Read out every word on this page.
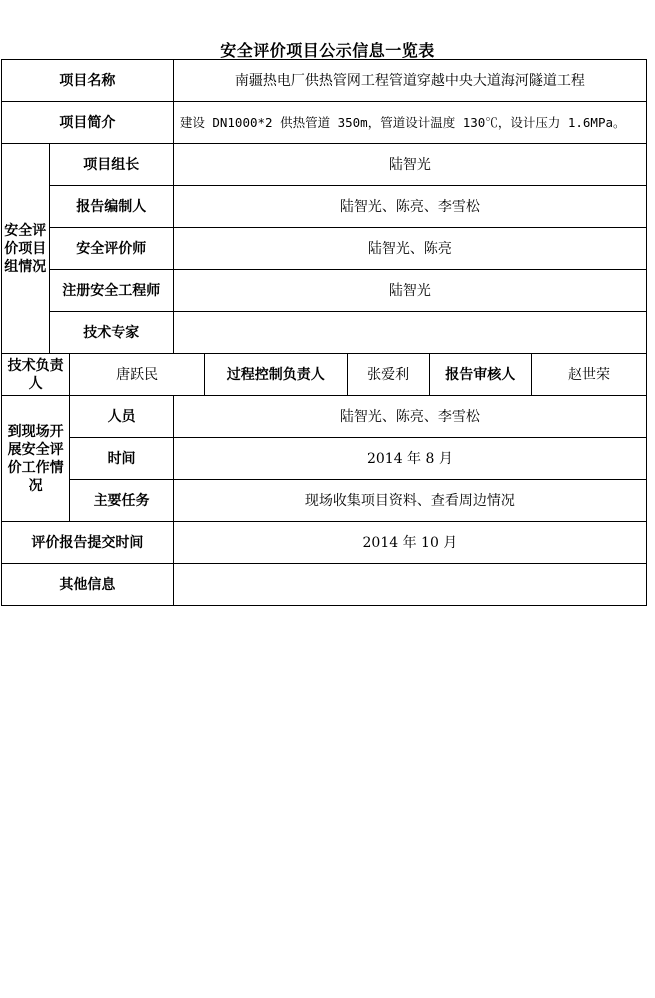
安全评价项目公示信息一览表
项目名称			南疆热电厂供热管网工程管道穿越中央大道海河隧道工程				
项目简介			建设 DN1000*2 供热管道 350m，管道设计温度 130℃，设计压力 1.6MPa。				
安全评价项目组情况	项目组长		陆智光				
	报告编制人		陆智光、陈亮、李雪松				
	安全评价师		陆智光、陈亮				
	注册安全工程师		陆智光				
	技术专家						
技术负责人		唐跃民		过程控制负责人	张爱利	报告审核人	赵世荣
到现场开展安全评价工作情况		人员	陆智光、陈亮、李雪松				
		时间	2014 年 8 月				
		主要任务	现场收集项目资料、查看周边情况				
评价报告提交时间			2014 年 10 月				
其他信息							
